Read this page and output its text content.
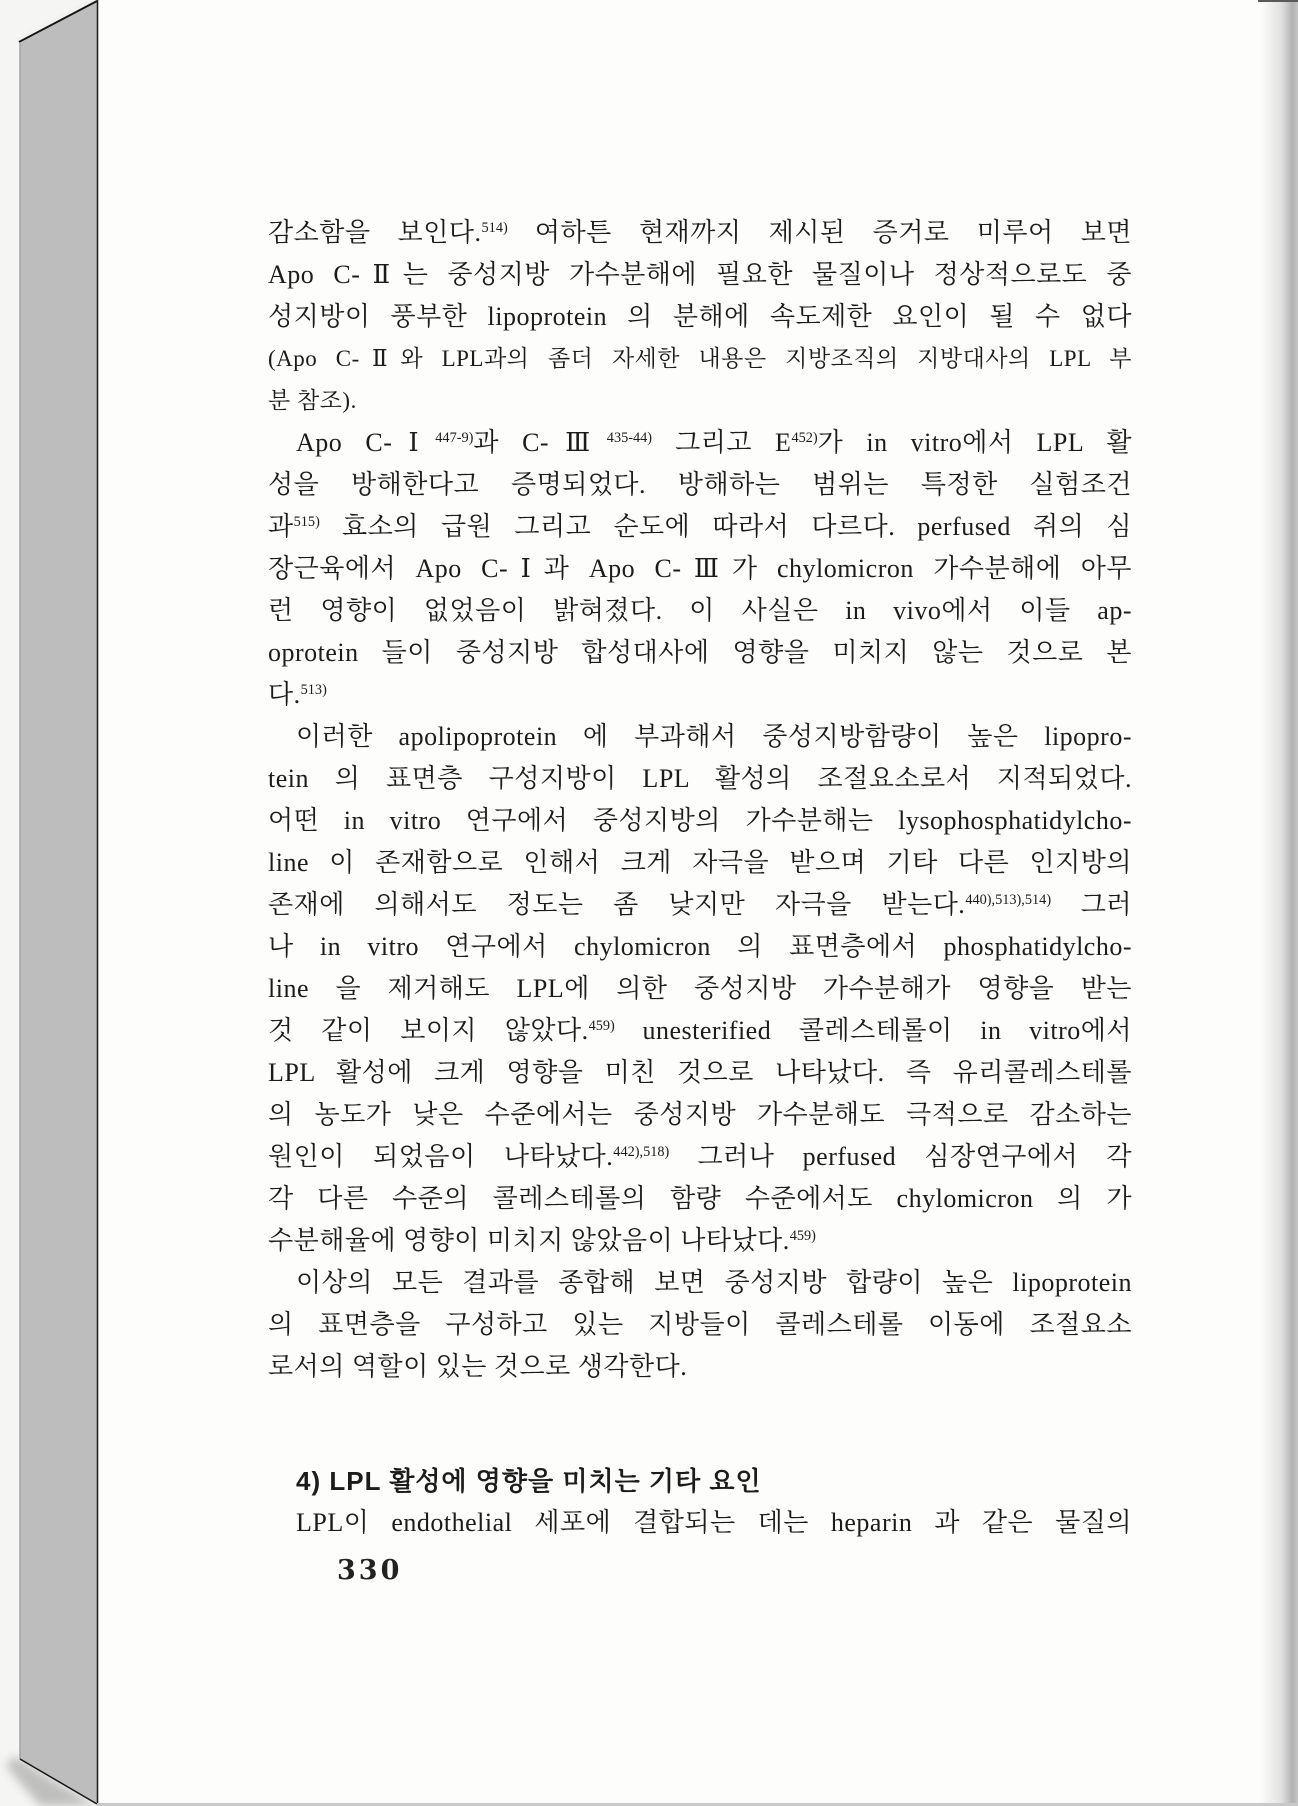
감소함을 보인다.$^{514)}$ 여하튼 현재까지 제시된 증거로 미루어 보면
Apo C-Ⅱ는 중성지방 가수분해에 필요한 물질이나 정상적으로도 중
성지방이 풍부한 lipoprotein 의 분해에 속도제한 요인이 될 수 없다
(Apo C-Ⅱ와 LPL과의 좀더 자세한 내용은 지방조직의 지방대사의 LPL 부
분 참조).
Apo C-Ⅰ$^{447-9)}$과 C-Ⅲ$^{435-44)}$ 그리고 $E^{452)}$가 in vitro에서 LPL 활
성을 방해한다고 증명되었다. 방해하는 범위는 특정한 실험조건
과$^{515)}$ 효소의 급원 그리고 순도에 따라서 다르다. perfused 쥐의 심
장근육에서 Apo C-Ⅰ과 Apo C-Ⅲ가 chylomicron 가수분해에 아무
런 영향이 없었음이 밝혀졌다. 이 사실은 in vivo에서 이들 ap-
oprotein 들이 중성지방 합성대사에 영향을 미치지 않는 것으로 본
다.$^{513)}$
이러한 apolipoprotein 에 부과해서 중성지방함량이 높은 lipopro-
tein 의 표면층 구성지방이 LPL 활성의 조절요소로서 지적되었다.
어떤 in vitro 연구에서 중성지방의 가수분해는 lysophosphatidylcho-
line 이 존재함으로 인해서 크게 자극을 받으며 기타 다른 인지방의
존재에 의해서도 정도는 좀 낮지만 자극을 받는다.$^{440),513),514)}$ 그러
나 in vitro 연구에서 chylomicron 의 표면층에서 phosphatidylcho-
line 을 제거해도 LPL에 의한 중성지방 가수분해가 영향을 받는
것 같이 보이지 않았다.$^{459)}$ unesterified 콜레스테롤이 in vitro에서
LPL 활성에 크게 영향을 미친 것으로 나타났다. 즉 유리콜레스테롤
의 농도가 낮은 수준에서는 중성지방 가수분해도 극적으로 감소하는
원인이 되었음이 나타났다.$^{442),518)}$ 그러나 perfused 심장연구에서 각
각 다른 수준의 콜레스테롤의 함량 수준에서도 chylomicron 의 가
수분해율에 영향이 미치지 않았음이 나타났다.$^{459)}$
이상의 모든 결과를 종합해 보면 중성지방 합량이 높은 lipoprotein
의 표면층을 구성하고 있는 지방들이 콜레스테롤 이동에 조절요소
로서의 역할이 있는 것으로 생각한다.
4) LPL 활성에 영향을 미치는 기타 요인
LPL이 endothelial 세포에 결합되는 데는 heparin 과 같은 물질의
330
